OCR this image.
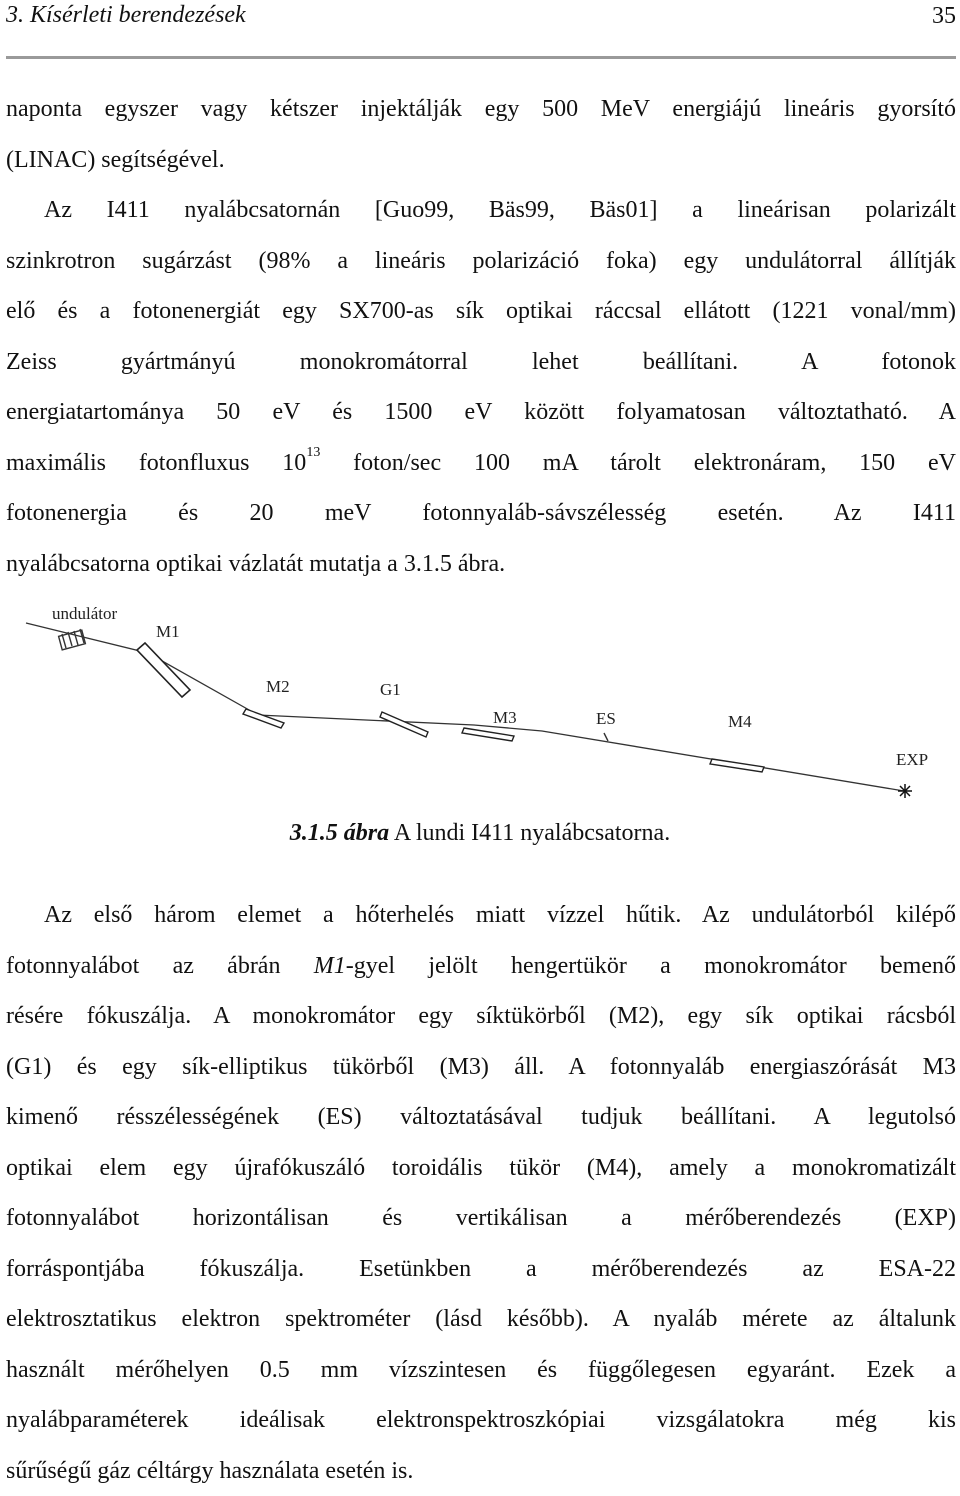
3. Kísérleti berendezések	35
naponta egyszer vagy kétszer injektálják egy 500 MeV energiájú lineáris gyorsító
(LINAC) segítségével.
Az I411 nyalábcsatornán [Guo99, Bäs99, Bäs01] a lineárisan polarizált
szinkrotron sugárzást (98% a lineáris polarizáció foka) egy undulátorral állítják
elő és a fotonenergiát egy SX700-as sík optikai ráccsal ellátott (1221 vonal/mm)
Zeiss gyártmányú monokromátorral lehet beállítani. A fotonok
energiatartománya 50 eV és 1500 eV között folyamatosan változtatható. A
maximális fotonfluxus $10^{13}$ foton/sec 100 mA tárolt elektronáram, 150 eV
fotonenergia és 20 meV fotonnyaláb-sávszélesség esetén. Az I411
nyalábcsatorna optikai vázlatát mutatja a 3.1.5 ábra.
undulátor
M1
M2	G1
M3	ES	M4
EXP
3.1.5 ábra A lundi I411 nyalábcsatorna.
Az első három elemet a hőterhelés miatt vízzel hűtik. Az undulátorból kilépő
fotonnyalábot az ábrán M1-gyel jelölt hengertükör a monokromátor bemenő
résére fókuszálja. A monokromátor egy síktükörből (M2), egy sík optikai rácsból
(G1) és egy sík-elliptikus tükörből (M3) áll. A fotonnyaláb energiaszórását M3
kimenő résszélességének (ES) változtatásával tudjuk beállítani. A legutolsó
optikai elem egy újrafókuszáló toroidális tükör (M4), amely a monokromatizált
fotonnyalábot horizontálisan és vertikálisan a mérőberendezés (EXP)
forráspontjába fókuszálja. Esetünkben a mérőberendezés az ESA-22
elektrosztatikus elektron spektrométer (lásd később). A nyaláb mérete az általunk
használt mérőhelyen 0.5 mm vízszintesen és függőlegesen egyaránt. Ezek a
nyalábparaméterek ideálisak elektronspektroszkópiai vizsgálatokra még kis
sűrűségű gáz céltárgy használata esetén is.
